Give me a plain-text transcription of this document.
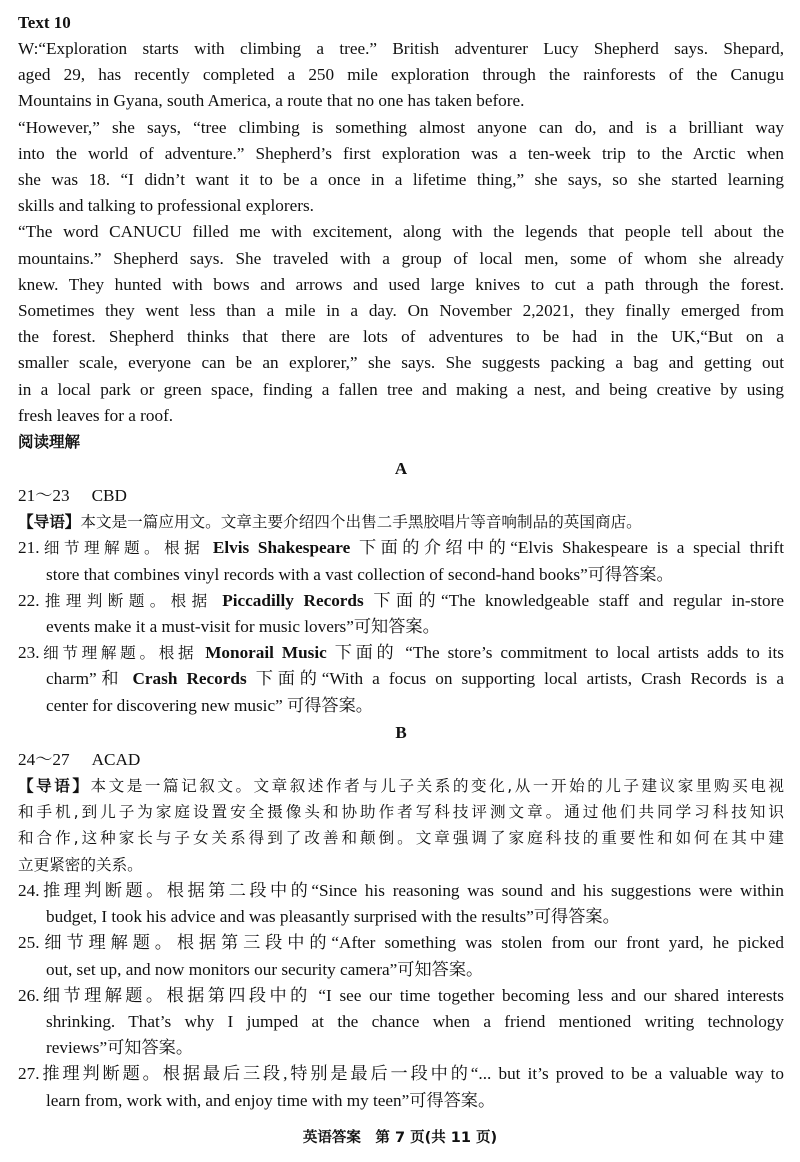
Text 10
W:“Exploration starts with climbing a tree.” British adventurer Lucy Shepherd says. Shepard,
aged 29, has recently completed a 250 mile exploration through the rainforests of the Canugu
Mountains in Gyana, south America, a route that no one has taken before.
“However,” she says, “tree climbing is something almost anyone can do, and is a brilliant way
into the world of adventure.” Shepherd’s first exploration was a ten-week trip to the Arctic when
she was 18. “I didn’t want it to be a once in a lifetime thing,” she says, so she started learning
skills and talking to professional explorers.
“The word CANUCU filled me with excitement, along with the legends that people tell about the
mountains.” Shepherd says. She traveled with a group of local men, some of whom she already
knew. They hunted with bows and arrows and used large knives to cut a path through the forest.
Sometimes they went less than a mile in a day. On November 2,2021, they finally emerged from
the forest. Shepherd thinks that there are lots of adventures to be had in the UK,“But on a
smaller scale, everyone can be an explorer,” she says. She suggests packing a bag and getting out
in a local park or green space, finding a fallen tree and making a nest, and being creative by using
fresh leaves for a roof.
阅读理解
A
21～23 CBD
【导语】本文是一篇应用文。文章主要介绍四个出售二手黑胶唱片等音响制品的英国商店。
21.细节理解题。根据 Elvis Shakespeare 下面的介绍中的“Elvis Shakespeare is a special thrift
store that combines vinyl records with a vast collection of second-hand books”可得答案。
22.推理判断题。根据 Piccadilly Records 下面的“The knowledgeable staff and regular in-store
events make it a must-visit for music lovers”可知答案。
23.细节理解题。根据 Monorail Music 下面的 “The store’s commitment to local artists adds to its
charm”和 Crash Records 下面的“With a focus on supporting local artists, Crash Records is a
center for discovering new music” 可得答案。
B
24～27 ACAD
【导语】本文是一篇记叙文。文章叙述作者与儿子关系的变化,从一开始的儿子建议家里购买电视
和手机,到儿子为家庭设置安全摄像头和协助作者写科技评测文章。通过他们共同学习科技知识
和合作,这种家长与子女关系得到了改善和颠倒。文章强调了家庭科技的重要性和如何在其中建
立更紧密的关系。
24.推理判断题。根据第二段中的“Since his reasoning was sound and his suggestions were within
budget, I took his advice and was pleasantly surprised with the results”可得答案。
25.细节理解题。根据第三段中的“After something was stolen from our front yard, he picked
out, set up, and now monitors our security camera”可知答案。
26.细节理解题。根据第四段中的 “I see our time together becoming less and our shared interests
shrinking. That’s why I jumped at the chance when a friend mentioned writing technology
reviews”可知答案。
27.推理判断题。根据最后三段,特别是最后一段中的“... but it’s proved to be a valuable way to
learn from, work with, and enjoy time with my teen”可得答案。
英语答案　第 7 页(共 11 页)
